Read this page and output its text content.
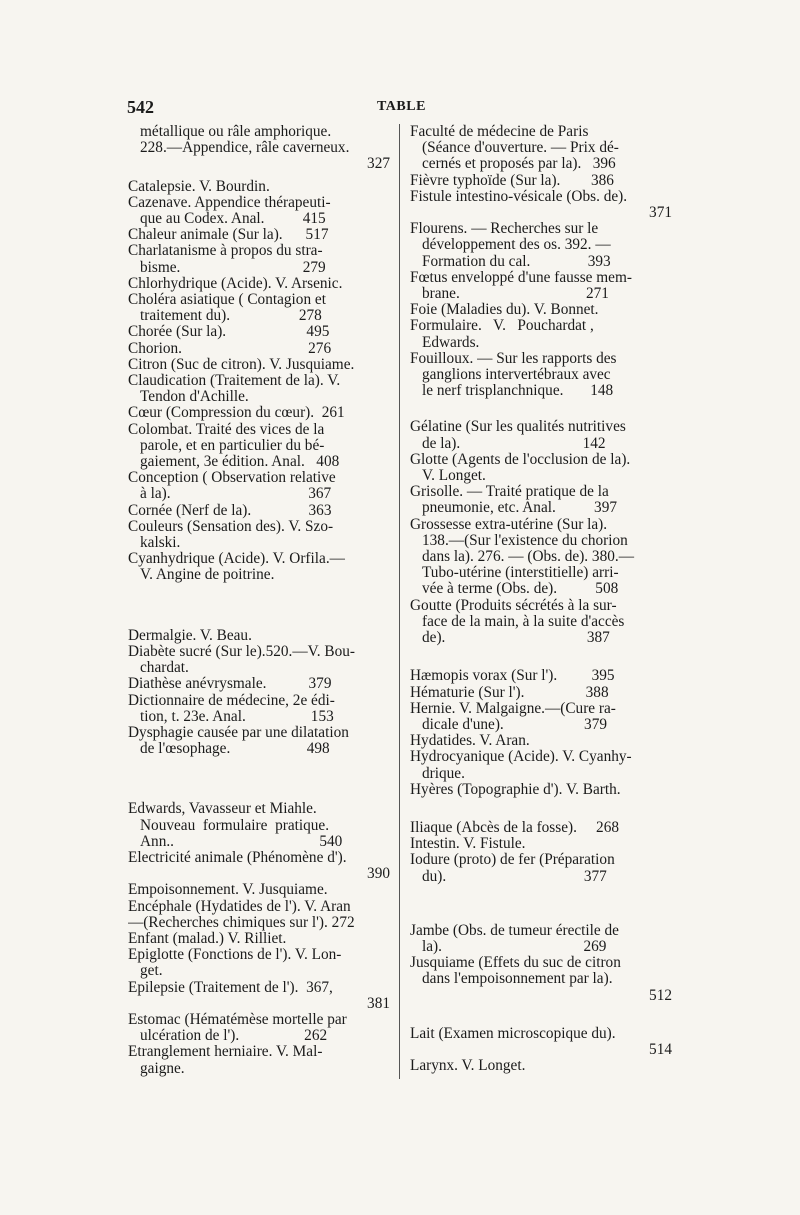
542	TABLE
métallique ou râle amphorique.
228.—Appendice, râle caverneux.
327
Catalepsie. V. Bourdin.
Cazenave. Appendice thérapeuti-
que au Codex. Anal.          415
Chaleur animale (Sur la).      517
Charlatanisme à propos du stra-
bisme.                                279
Chlorhydrique (Acide). V. Arsenic.
Choléra asiatique ( Contagion et
traitement du).                  278
Chorée (Sur la).                     495
Chorion.                                 276
Citron (Suc de citron). V. Jusquiame.
Claudication (Traitement de la). V.
Tendon d'Achille.
Cœur (Compression du cœur).  261
Colombat. Traité des vices de la
parole, et en particulier du bé-
gaiement, 3e édition. Anal.   408
Conception ( Observation relative
à la).                                    367
Cornée (Nerf de la).               363
Couleurs (Sensation des). V. Szo-
kalski.
Cyanhydrique (Acide). V. Orfila.—
V. Angine de poitrine.
Dermalgie. V. Beau.
Diabète sucré (Sur le).520.—V. Bou-
chardat.
Diathèse anévrysmale.           379
Dictionnaire de médecine, 2e édi-
tion, t. 23e. Anal.                 153
Dysphagie causée par une dilatation
de l'œsophage.                    498
Edwards, Vavasseur et Miahle.
Nouveau  formulaire  pratique.
Ann..                                      540
Electricité animale (Phénomène d').
390
Empoisonnement. V. Jusquiame.
Encéphale (Hydatides de l'). V. Aran
—(Recherches chimiques sur l'). 272
Enfant (malad.) V. Rilliet.
Epiglotte (Fonctions de l'). V. Lon-
get.
Epilepsie (Traitement de l').  367,
381
Estomac (Hématémèse mortelle par
ulcération de l').                 262
Etranglement herniaire. V. Mal-
gaigne.
Faculté de médecine de Paris
(Séance d'ouverture. — Prix dé-
cernés et proposés par la).   396
Fièvre typhoïde (Sur la).        386
Fistule intestino-vésicale (Obs. de).
371
Flourens. — Recherches sur le
développement des os. 392. —
Formation du cal.               393
Fœtus enveloppé d'une fausse mem-
brane.                                 271
Foie (Maladies du). V. Bonnet.
Formulaire.   V.   Pouchardat ,
Edwards.
Fouilloux. — Sur les rapports des
ganglions intervertébraux avec
le nerf trisplanchnique.       148
Gélatine (Sur les qualités nutritives
de la).                                142
Glotte (Agents de l'occlusion de la).
V. Longet.
Grisolle. — Traité pratique de la
pneumonie, etc. Anal.          397
Grossesse extra-utérine (Sur la).
138.—(Sur l'existence du chorion
dans la). 276. — (Obs. de). 380.—
Tubo-utérine (interstitielle) arri-
vée à terme (Obs. de).          508
Goutte (Produits sécrétés à la sur-
face de la main, à la suite d'accès
de).                                     387
Hæmopis vorax (Sur l').         395
Hématurie (Sur l').                388
Hernie. V. Malgaigne.—(Cure ra-
dicale d'une).                     379
Hydatides. V. Aran.
Hydrocyanique (Acide). V. Cyanhy-
drique.
Hyères (Topographie d'). V. Barth.
Iliaque (Abcès de la fosse).     268
Intestin. V. Fistule.
Iodure (proto) de fer (Préparation
du).                                    377
Jambe (Obs. de tumeur érectile de
la).                                     269
Jusquiame (Effets du suc de citron
dans l'empoisonnement par la).
512
Lait (Examen microscopique du).
514
Larynx. V. Longet.
